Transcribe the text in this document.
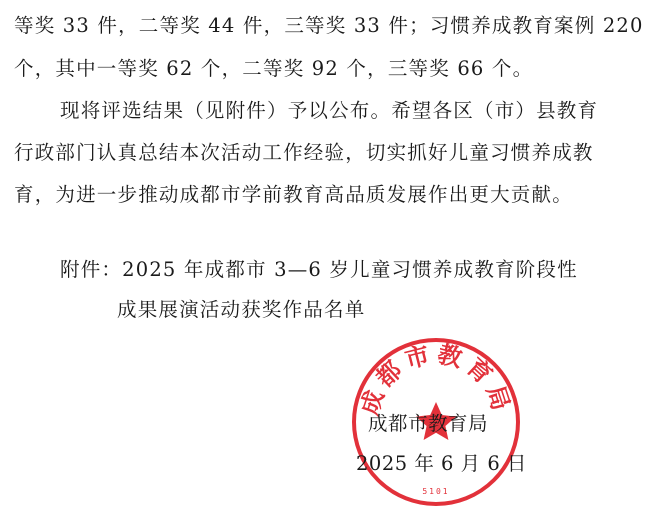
等奖 33 件，二等奖 44 件，三等奖 33 件；习惯养成教育案例 220
个，其中一等奖 62 个，二等奖 92 个，三等奖 66 个。
现将评选结果（见附件）予以公布。希望各区（市）县教育
行政部门认真总结本次活动工作经验，切实抓好儿童习惯养成教
育，为进一步推动成都市学前教育高品质发展作出更大贡献。
附件：2025 年成都市 3—6 岁儿童习惯养成教育阶段性
成果展演活动获奖作品名单
成都市教育局
5101
成都市教育局
2025 年 6 月 6 日
